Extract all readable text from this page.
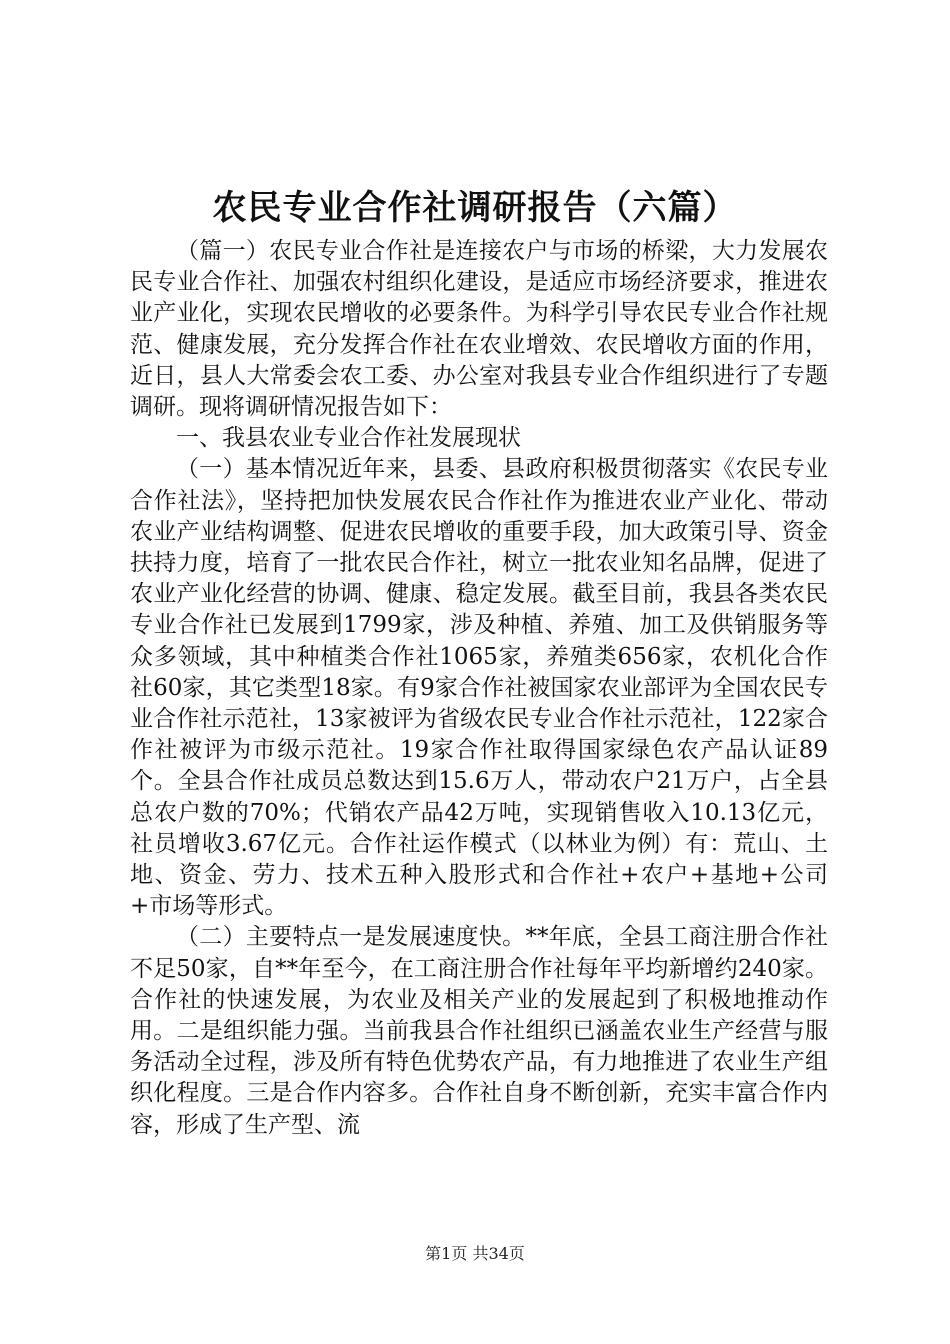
农民专业合作社调研报告（六篇）

（篇一）农民专业合作社是连接农户与市场的桥梁，大力发展农民专业合作社、加强农村组织化建设，是适应市场经济要求，推进农业产业化，实现农民增收的必要条件。为科学引导农民专业合作社规范、健康发展，充分发挥合作社在农业增效、农民增收方面的作用，近日，县人大常委会农工委、办公室对我县专业合作组织进行了专题调研。现将调研情况报告如下：

一、我县农业专业合作社发展现状

（一）基本情况近年来，县委、县政府积极贯彻落实《农民专业合作社法》，坚持把加快发展农民合作社作为推进农业产业化、带动农业产业结构调整、促进农民增收的重要手段，加大政策引导、资金扶持力度，培育了一批农民合作社，树立一批农业知名品牌，促进了农业产业化经营的协调、健康、稳定发展。截至目前，我县各类农民专业合作社已发展到1799家，涉及种植、养殖、加工及供销服务等众多领域，其中种植类合作社1065家，养殖类656家，农机化合作社60家，其它类型18家。有9家合作社被国家农业部评为全国农民专业合作社示范社，13家被评为省级农民专业合作社示范社，122家合作社被评为市级示范社。19家合作社取得国家绿色农产品认证89个。全县合作社成员总数达到15.6万人，带动农户21万户，占全县总农户数的70%；代销农产品42万吨，实现销售收入10.13亿元，社员增收3.67亿元。合作社运作模式（以林业为例）有：荒山、土地、资金、劳力、技术五种入股形式和合作社+农户+基地+公司+市场等形式。

（二）主要特点一是发展速度快。**年底，全县工商注册合作社不足50家，自**年至今，在工商注册合作社每年平均新增约240家。合作社的快速发展，为农业及相关产业的发展起到了积极地推动作用。二是组织能力强。当前我县合作社组织已涵盖农业生产经营与服务活动全过程，涉及所有特色优势农产品，有力地推进了农业生产组织化程度。三是合作内容多。合作社自身不断创新，充实丰富合作内容，形成了生产型、流

第1页 共34页
